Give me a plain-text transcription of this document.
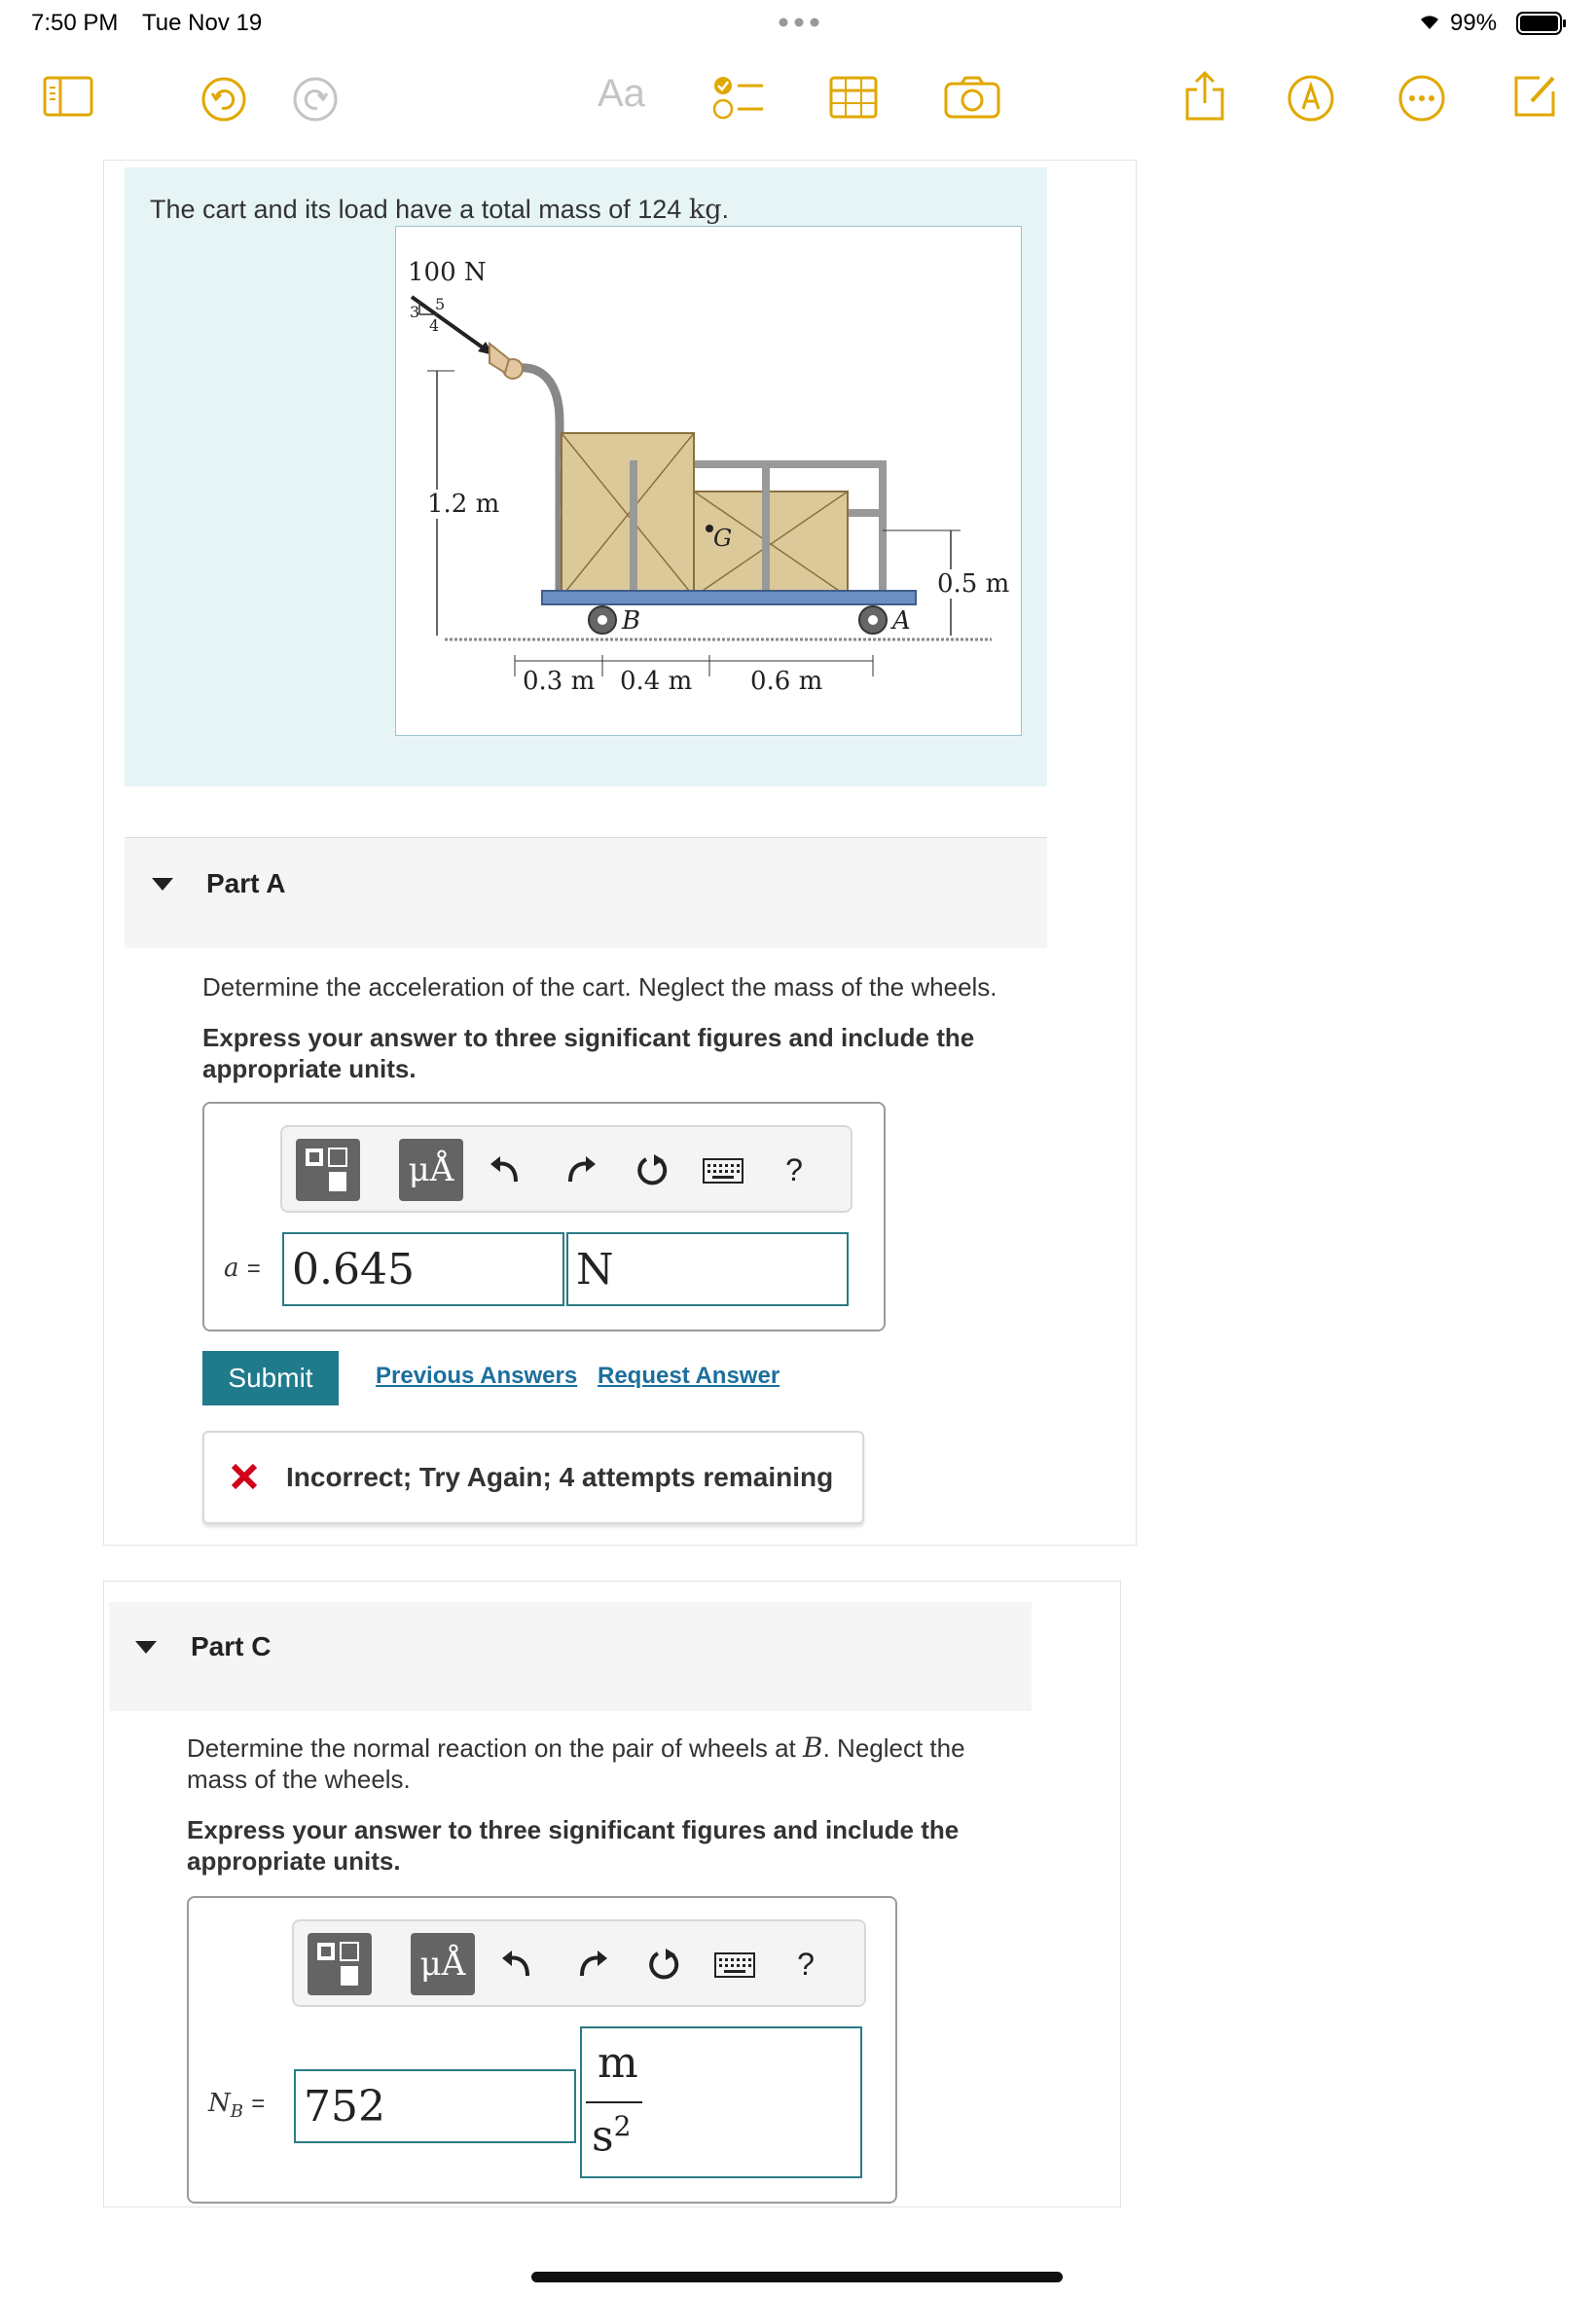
7:50 PM Tue Nov 19	99%
Aa
The cart and its load have a total mass of 124 kg.
100 N
3 5
4
1.2 m
G
B	A
0.5 m
0.3 m 0.4 m 0.6 m
Part A
Determine the acceleration of the cart. Neglect the mass of the wheels.
Express your answer to three significant figures and include the
appropriate units.
μÅ	?
a = 0.645	N
Submit	Previous Answers Request Answer
Incorrect; Try Again; 4 attempts remaining
Part C
Determine the normal reaction on the pair of wheels at B. Neglect the
mass of the wheels.
Express your answer to three significant figures and include the
appropriate units.
μÅ	?
$N_B = 752$
m
$s^2$
